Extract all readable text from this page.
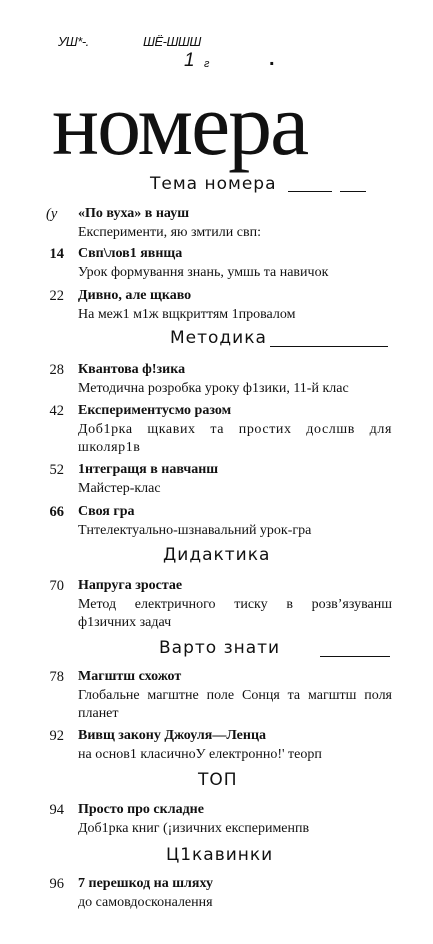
УШ*-.	ШЁ-ШШШ
1 г	.
номера
Тема номера
(у	«По вуха» в науш
Експерименти, яю змтили свп:
14 Свп\лов1 явнща
Урок формування знань, умшь та навичок
22 Дивно, але щкаво
На меж1 м1ж вщкриттям 1провалом
Методика
28 Квантова ф!зика
Методична розробка уроку ф1зики, 11-й клас
42 Експериментусмо разом
Доб1рка щкавих та простих дослшв для школяр1в
52 1нтегращя в навчанш
Майстер-клас
66 Своя гра
Тнтелектуально-шзнавальний урок-гра
Дидактика
70 Напруга зростае
Метод електричного тиску в розв’язуванш ф1зичних задач
Варто знати
78 Магштш схожот
Глобальне магштне поле Сонця та магштш поля планет
92 Вивщ закону Джоуля—Ленца
на основ1 класичноУ електронно!' теорп
ТОП
94 Просто про складне
Доб1рка книг (¡изичних експерименпв
Ц1кавинки
96 7 перешкод на шляху
до самовдосконалення
